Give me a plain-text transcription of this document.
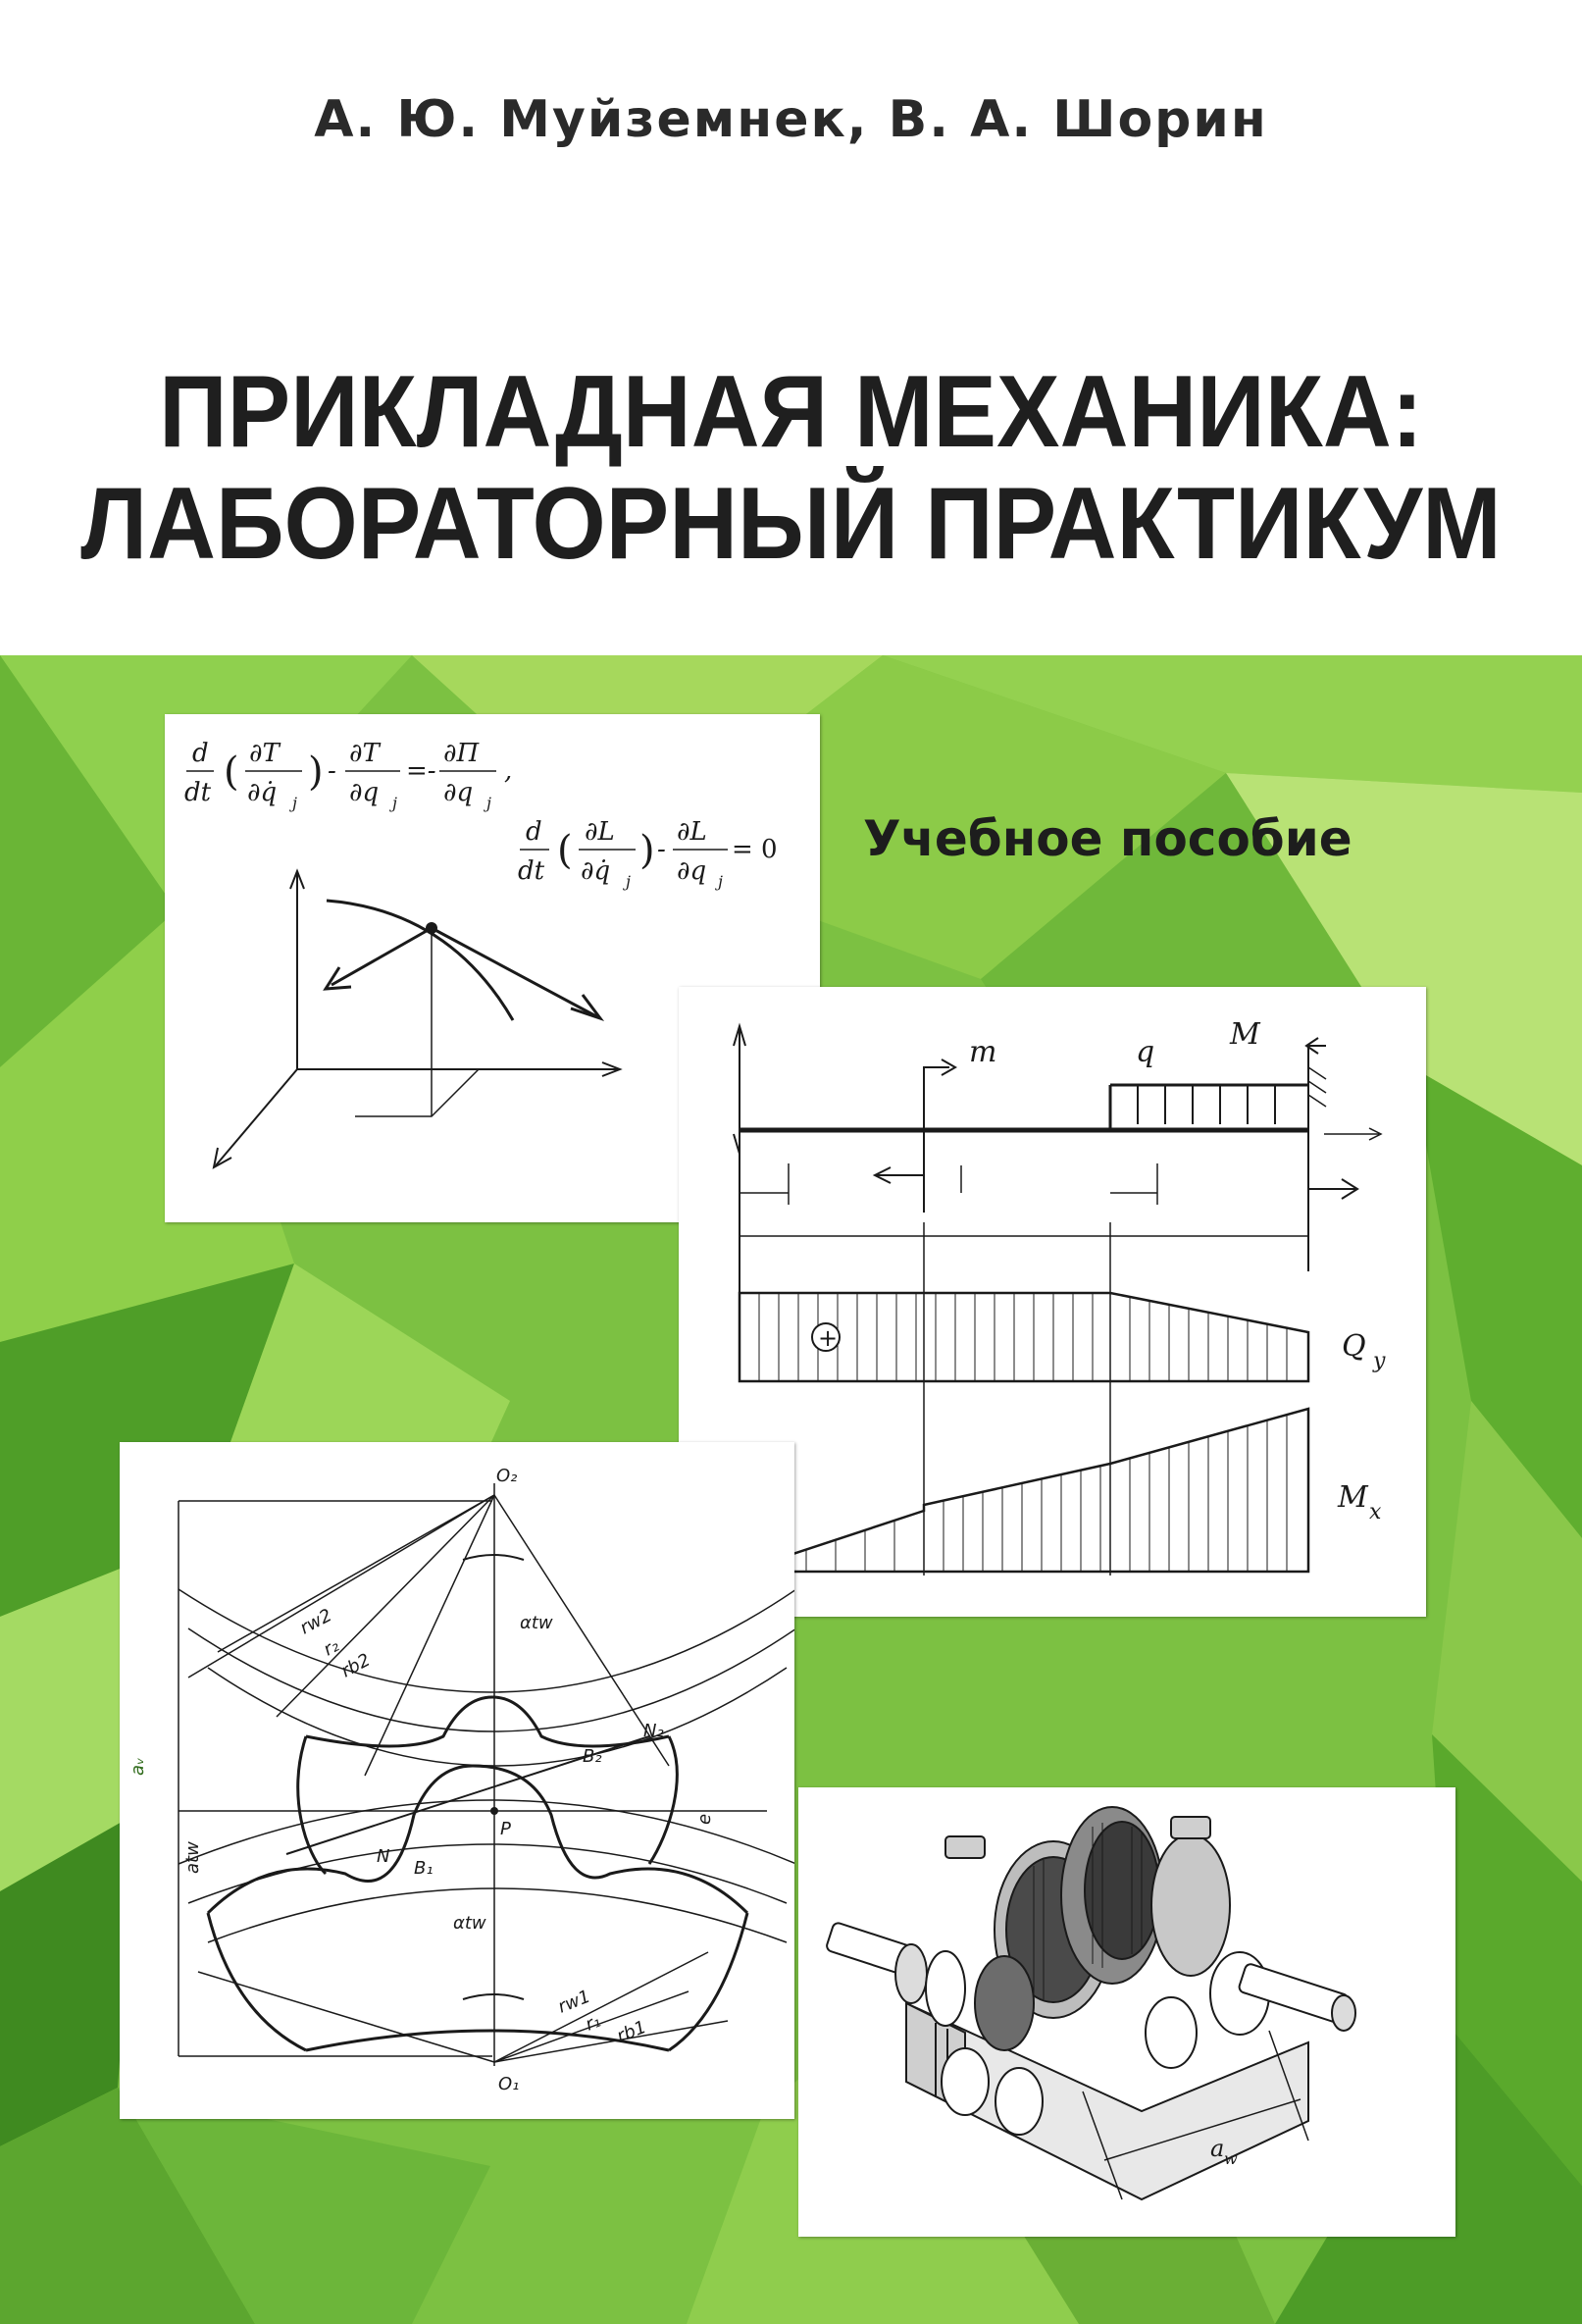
А. Ю. Муйземнек, В. А. Шорин
ПРИКЛАДНАЯ МЕХАНИКА:
ЛАБОРАТОРНЫЙ ПРАКТИКУМ
Учебное пособие
d
dt ( ∂T
∂q̇ j
) -
∂T
∂q j
=-
∂Π
∂q j
,
d
dt ( ∂L
∂q̇ j
) -
∂L
∂q j
= 0
+
m	q
M
Q y
M x
O₂
O₁
aᵥ
αtw
αtw
atw
rw2
r₂
rb2
rw1
r₁ rb1
B₂
N₂
N
B₁
P	e
a w
